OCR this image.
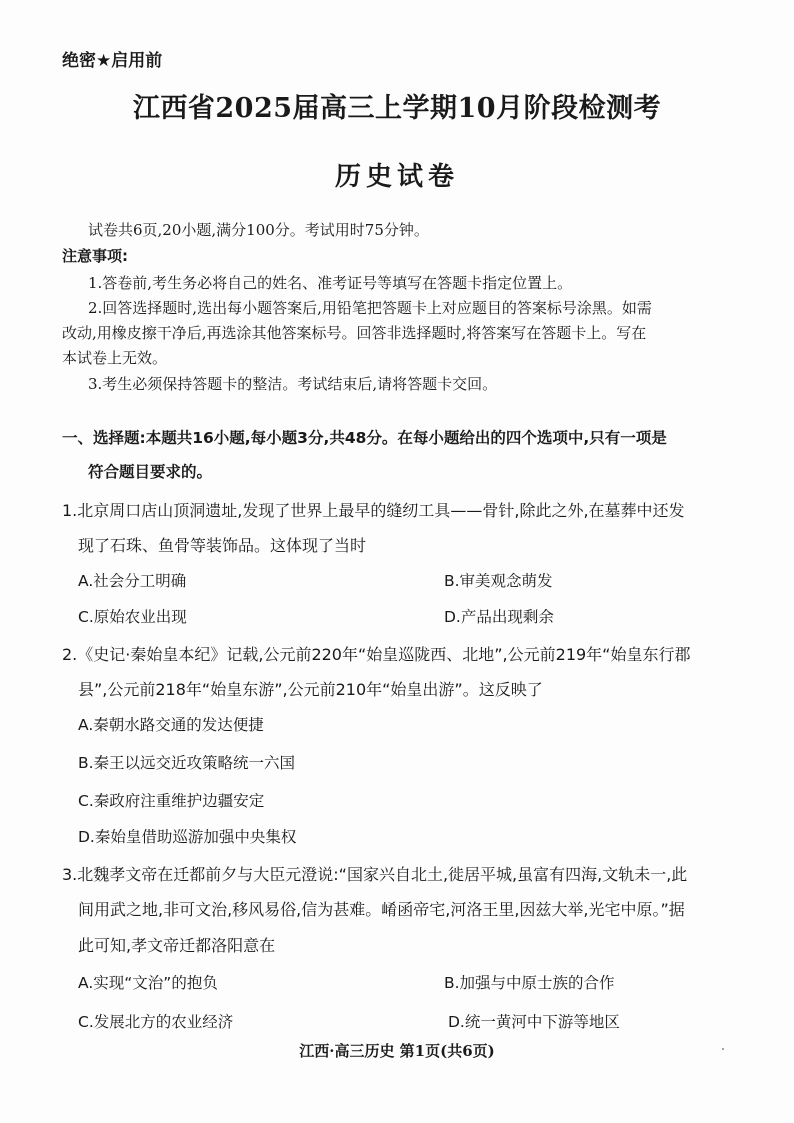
绝密★启用前
江西省2025届高三上学期10月阶段检测考
历史试卷
试卷共6页,20小题,满分100分。考试用时75分钟。
注意事项:
1.答卷前,考生务必将自己的姓名、准考证号等填写在答题卡指定位置上。
2.回答选择题时,选出每小题答案后,用铅笔把答题卡上对应题目的答案标号涂黑。如需
改动,用橡皮擦干净后,再选涂其他答案标号。回答非选择题时,将答案写在答题卡上。写在
本试卷上无效。
3.考生必须保持答题卡的整洁。考试结束后,请将答题卡交回。
一、选择题:本题共16小题,每小题3分,共48分。在每小题给出的四个选项中,只有一项是
符合题目要求的。
1.北京周口店山顶洞遗址,发现了世界上最早的缝纫工具——骨针,除此之外,在墓葬中还发
现了石珠、鱼骨等装饰品。这体现了当时
A.社会分工明确	B.审美观念萌发
C.原始农业出现	D.产品出现剩余
2.《史记·秦始皇本纪》记载,公元前220年“始皇巡陇西、北地”,公元前219年“始皇东行郡
县”,公元前218年“始皇东游”,公元前210年“始皇出游”。这反映了
A.秦朝水路交通的发达便捷
B.秦王以远交近攻策略统一六国
C.秦政府注重维护边疆安定
D.秦始皇借助巡游加强中央集权
3.北魏孝文帝在迁都前夕与大臣元澄说:“国家兴自北土,徙居平城,虽富有四海,文轨未一,此
间用武之地,非可文治,移风易俗,信为甚难。崤函帝宅,河洛王里,因兹大举,光宅中原。”据
此可知,孝文帝迁都洛阳意在
A.实现“文治”的抱负	B.加强与中原士族的合作
C.发展北方的农业经济	D.统一黄河中下游等地区
江西·高三历史 第1页(共6页)
